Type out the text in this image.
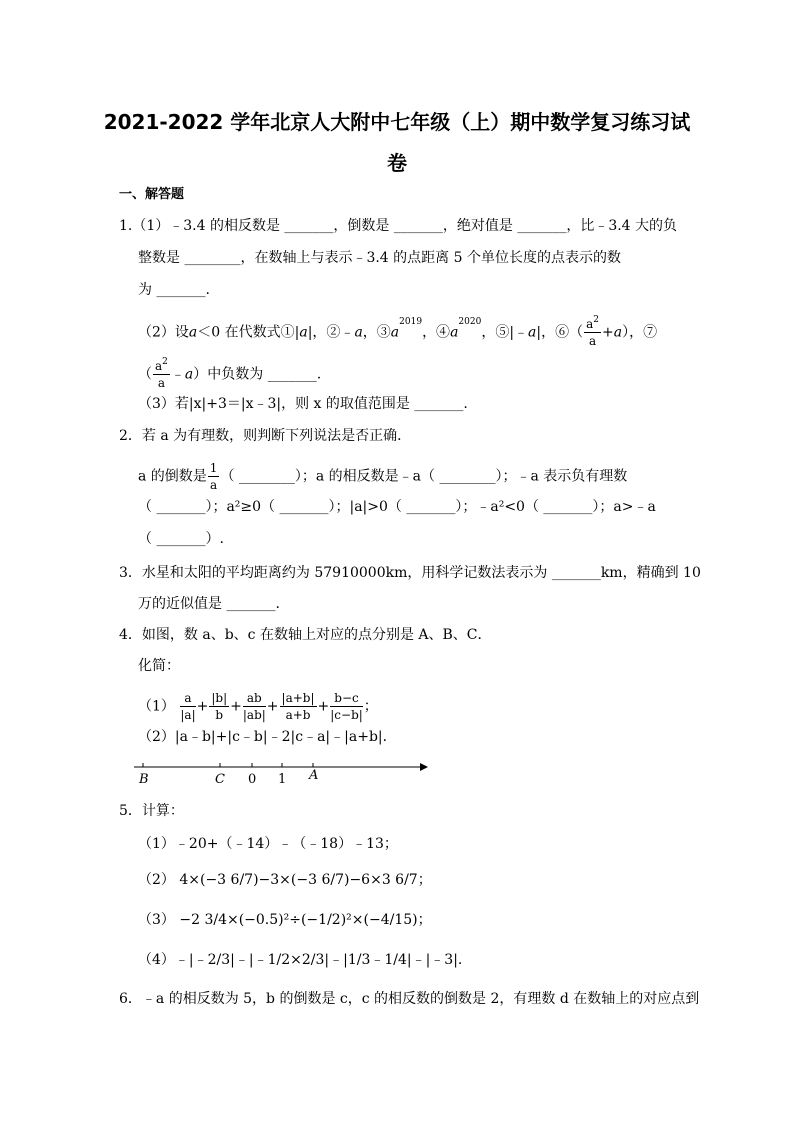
2021-2022 学年北京人大附中七年级（上）期中数学复习练习试
卷
一、解答题
1.（1）﹣3.4 的相反数是 _______，倒数是 _______，绝对值是 _______，比﹣3.4 大的负
整数是 ________，在数轴上与表示﹣3.4 的点距离 5 个单位长度的点表示的数
为 _______.
（2）设a＜0 在代数式①|a|，②﹣a，$③a^{2019}$，$④a^{2020}$，⑤|﹣a|，⑥（ $\frac{a^2}{a} +a$），⑦
（ $\frac{a^2}{a}$ ﹣a）中负数为 _______.
（3）若|x|+3＝|x﹣3|，则 x 的取值范围是 _______.
2．若 a 为有理数，则判断下列说法是否正确．
a 的倒数是 $\frac{1}{a}$ （ ________）；a 的相反数是﹣a（ ________）；﹣a 表示负有理数
（ _______）；a²≥0（ _______）；|a|>0（ _______）；﹣a²<0（ _______）；a>﹣a
（ _______）.
3．水星和太阳的平均距离约为 57910000km，用科学记数法表示为 _______km，精确到 10
万的近似值是 _______.
4．如图，数 a、b、c 在数轴上对应的点分别是 A、B、C．
化简：
$(1) \frac{a}{|a|} + \frac{|b|}{b} + \frac{ab}{|ab|} + \frac{|a+b|}{a+b} + \frac{b-c}{|c-b|}$ ；
（2）|a﹣b|+|c﹣b|﹣2|c﹣a|﹣|a+b|．
B	C 0 1 A
5．计算：
（1）﹣20+（﹣14）﹣（﹣18）﹣13；
（2） 4×(−3 6/7)−3×(−3 6/7)−6×3 6/7；
（3） −2 3/4×(−0.5)²÷(−1/2)²×(−4/15)；
（4）﹣|﹣2/3|﹣|﹣1/2×2/3|﹣|1/3﹣1/4|﹣|﹣3|.
6．﹣a 的相反数为 5，b 的倒数是 c，c 的相反数的倒数是 2，有理数 d 在数轴上的对应点到
